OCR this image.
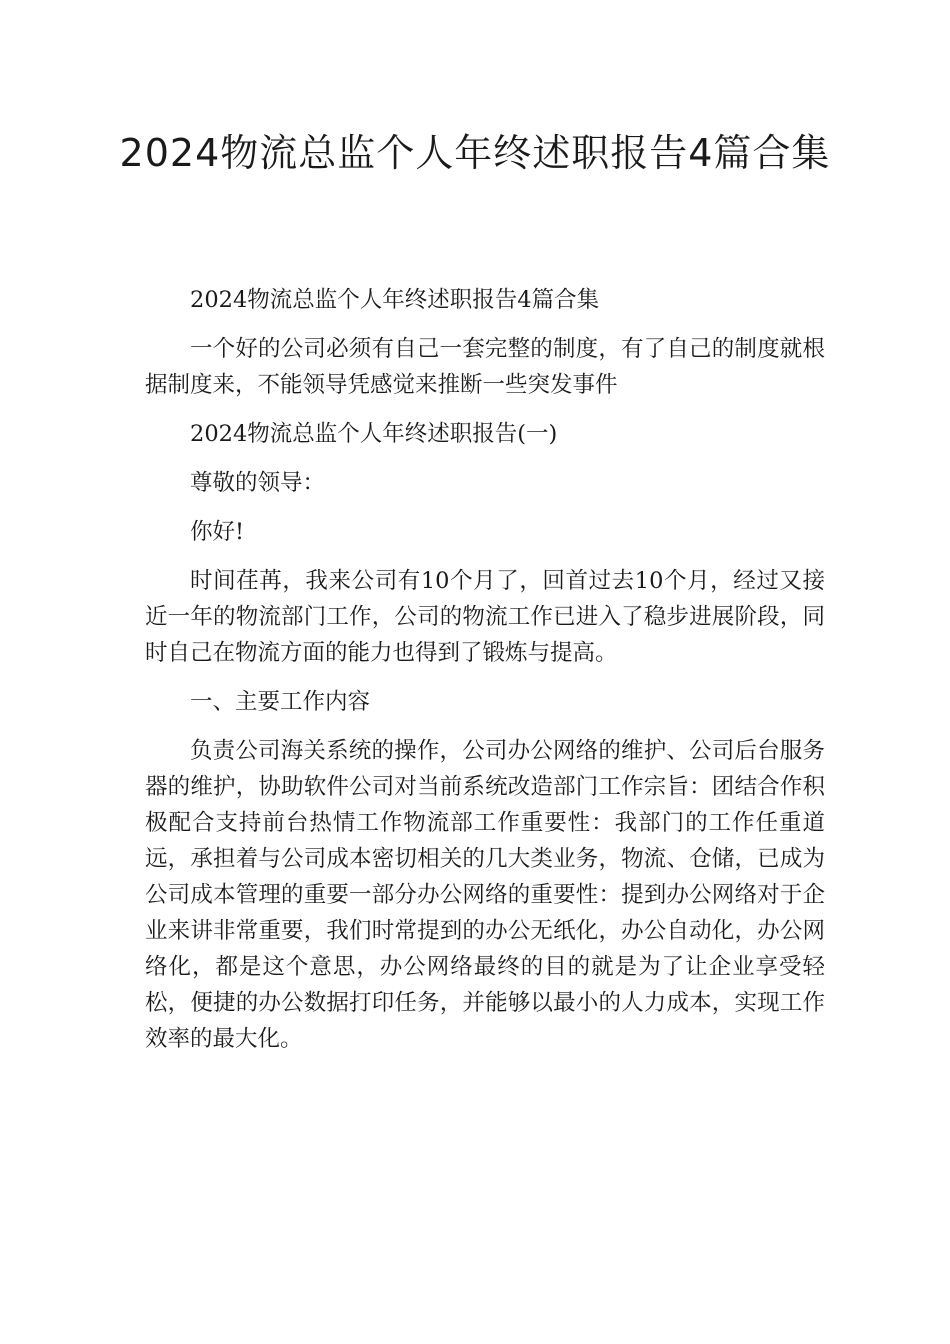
2024物流总监个人年终述职报告4篇合集

2024物流总监个人年终述职报告4篇合集

一个好的公司必须有自己一套完整的制度，有了自己的制度就根据制度来，不能领导凭感觉来推断一些突发事件

2024物流总监个人年终述职报告(一)

尊敬的领导：

你好!

时间荏苒，我来公司有10个月了，回首过去10个月，经过又接近一年的物流部门工作，公司的物流工作已进入了稳步进展阶段，同时自己在物流方面的能力也得到了锻炼与提高。

一、主要工作内容

负责公司海关系统的操作，公司办公网络的维护、公司后台服务器的维护，协助软件公司对当前系统改造部门工作宗旨：团结合作积极配合支持前台热情工作物流部工作重要性：我部门的工作任重道远，承担着与公司成本密切相关的几大类业务，物流、仓储，已成为公司成本管理的重要一部分办公网络的重要性：提到办公网络对于企业来讲非常重要，我们时常提到的办公无纸化，办公自动化，办公网络化，都是这个意思，办公网络最终的目的就是为了让企业享受轻松，便捷的办公数据打印任务，并能够以最小的人力成本，实现工作效率的最大化。
